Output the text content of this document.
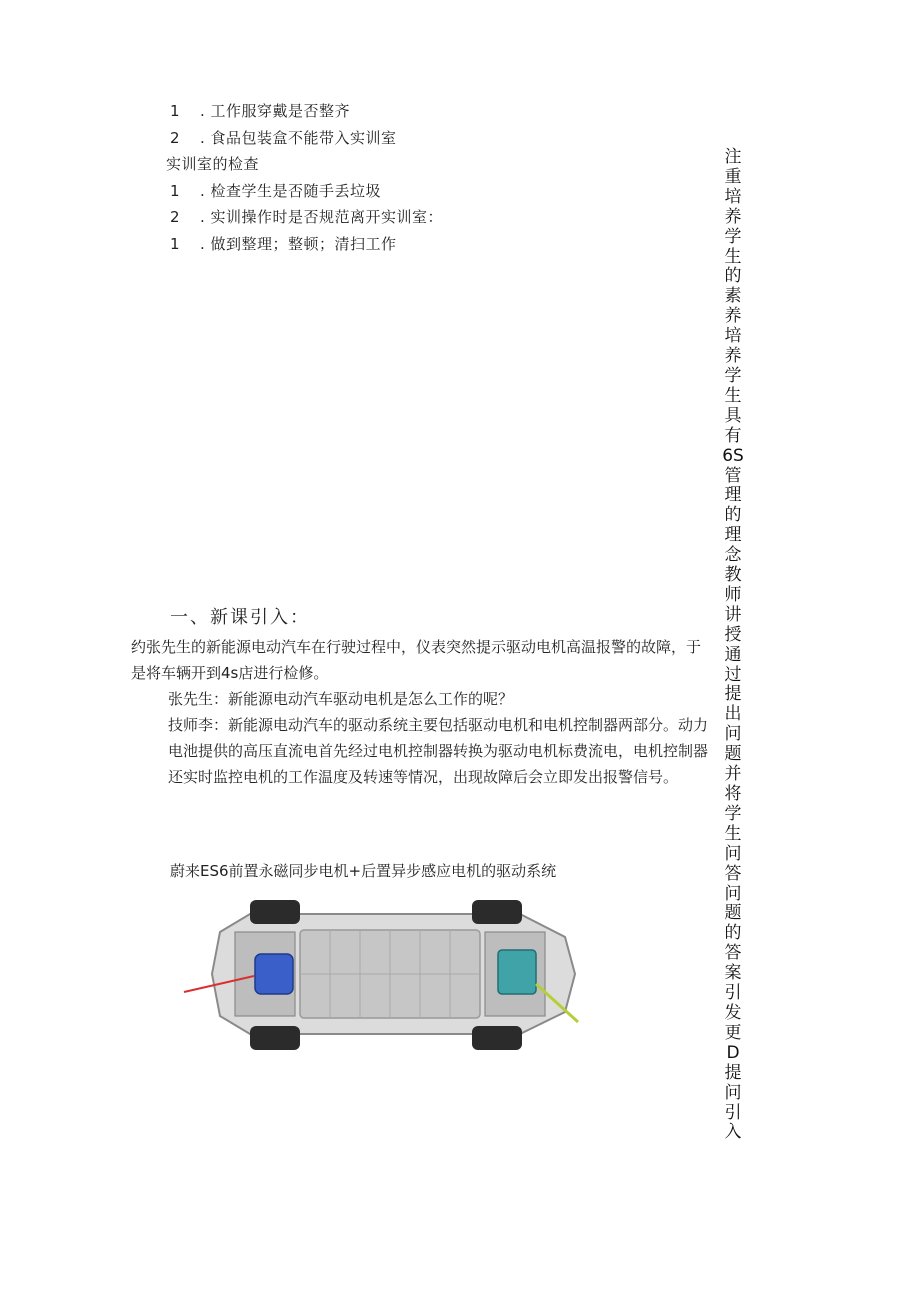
1 . 工作服穿戴是否整齐
2 . 食品包装盒不能带入实训室
实训室的检查
1 . 检查学生是否随手丢垃圾
2 . 实训操作时是否规范离开实训室：
1 . 做到整理；整顿；清扫工作
注重培养学生的素养培养学生具有6S管理的理念教师讲授通过提出问题并将学生问答问题的答案引发更D提问引入
一、新课引入：
约张先生的新能源电动汽车在行驶过程中，仪表突然提示驱动电机高温报警的故障，于是将车辆开到4s店进行检修。
张先生：新能源电动汽车驱动电机是怎么工作的呢？
技师李：新能源电动汽车的驱动系统主要包括驱动电机和电机控制器两部分。动力电池提供的高压直流电首先经过电机控制器转换为驱动电机标费流电，电机控制器还实时监控电机的工作温度及转速等情况，出现故障后会立即发出报警信号。
蔚来ES6前置永磁同步电机+后置异步感应电机的驱动系统
